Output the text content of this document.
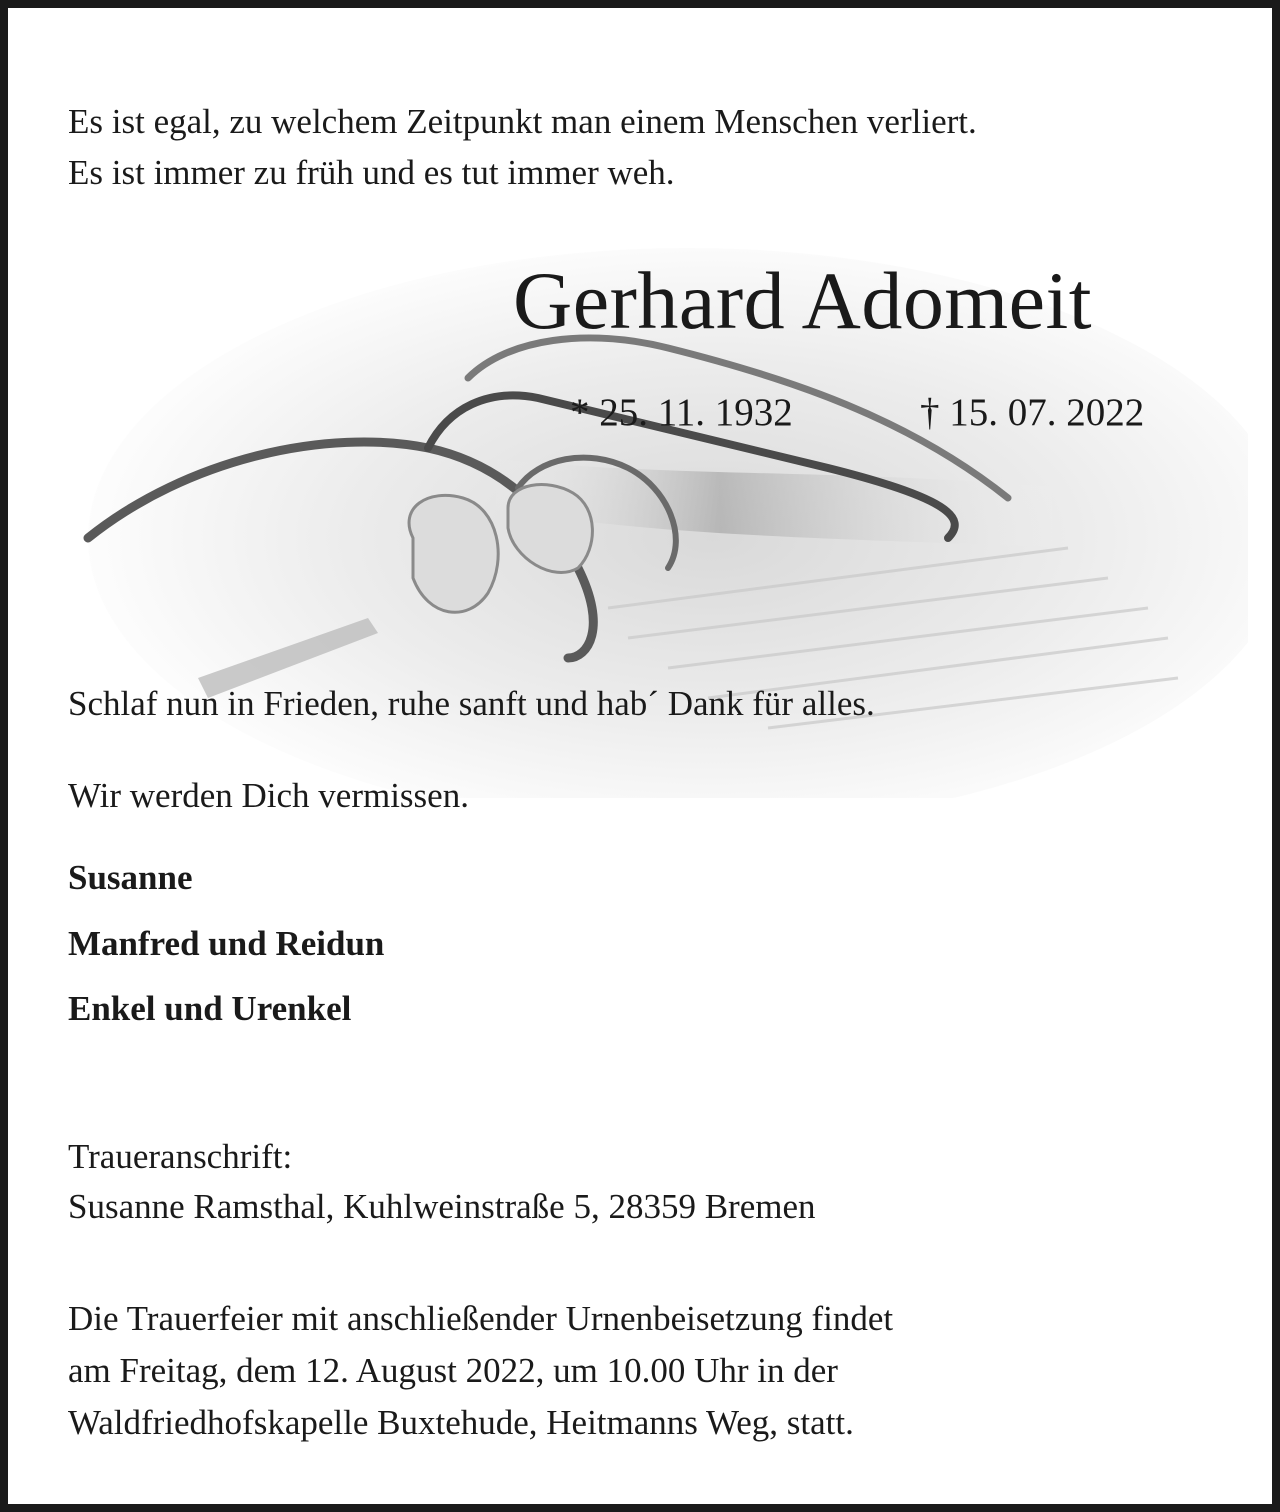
Es ist egal, zu welchem Zeitpunkt man einem Menschen verliert.
Es ist immer zu früh und es tut immer weh.

Gerhard Adomeit
* 25. 11. 1932	† 15. 07. 2022

Schlaf nun in Frieden, ruhe sanft und hab´ Dank für alles.

Wir werden Dich vermissen.

Susanne
Manfred und Reidun
Enkel und Urenkel
Traueranschrift:
Susanne Ramsthal, Kuhlweinstraße 5, 28359 Bremen

Die Trauerfeier mit anschließender Urnenbeisetzung findet
am Freitag, dem 12. August 2022, um 10.00 Uhr in der
Waldfriedhofskapelle Buxtehude, Heitmanns Weg, statt.
